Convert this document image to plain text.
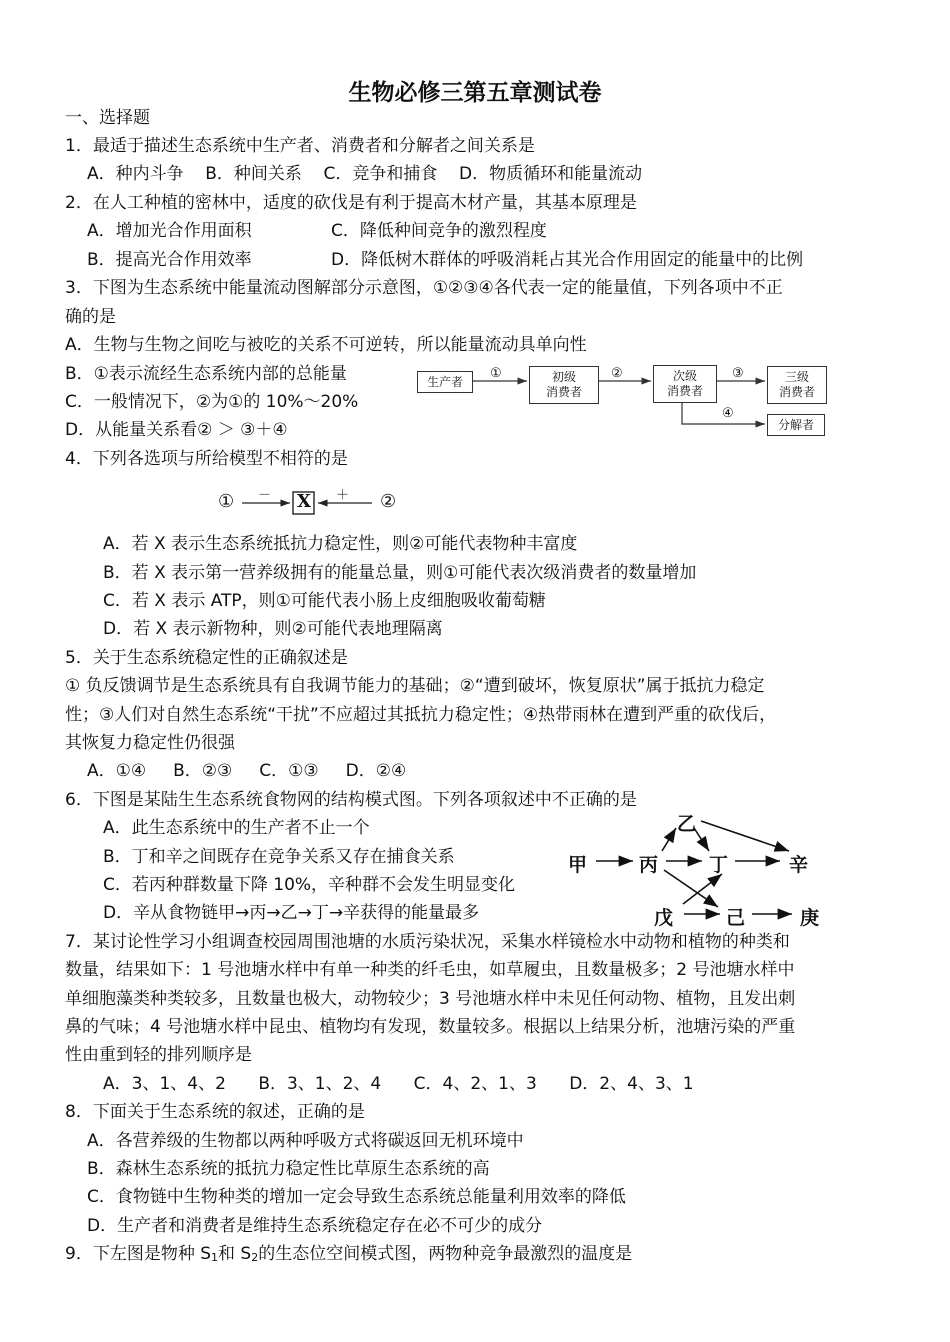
生物必修三第五章测试卷
一、选择题
1．最适于描述生态系统中生产者、消费者和分解者之间关系是
A．种内斗争    B．种间关系    C．竞争和捕食    D．物质循环和能量流动
2．在人工种植的密林中，适度的砍伐是有利于提高木材产量，其基本原理是
A．增加光合作用面积	C．降低种间竞争的激烈程度
B．提高光合作用效率	D．降低树木群体的呼吸消耗占其光合作用固定的能量中的比例
3．下图为生态系统中能量流动图解部分示意图，①②③④各代表一定的能量值，下列各项中不正
确的是
A．生物与生物之间吃与被吃的关系不可逆转，所以能量流动具单向性
B．①表示流经生态系统内部的总能量
C．一般情况下，②为①的 10%～20%
D．从能量关系看② ＞ ③＋④
生产者	初级
消费者
次级
消费者
三级
消费者
分解者
①	②	③
④
4．下列各选项与所给模型不相符的是
① － X ＋ ②
A．若 X 表示生态系统抵抗力稳定性，则②可能代表物种丰富度
B．若 X 表示第一营养级拥有的能量总量，则①可能代表次级消费者的数量增加
C．若 X 表示 ATP，则①可能代表小肠上皮细胞吸收葡萄糖
D．若 X 表示新物种，则②可能代表地理隔离
5．关于生态系统稳定性的正确叙述是
① 负反馈调节是生态系统具有自我调节能力的基础；②“遭到破坏，恢复原状”属于抵抗力稳定
性；③人们对自然生态系统“干扰”不应超过其抵抗力稳定性；④热带雨林在遭到严重的砍伐后，
其恢复力稳定性仍很强
A．①④     B．②③     C．①③     D．②④
6．下图是某陆生生态系统食物网的结构模式图。下列各项叙述中不正确的是
A．此生态系统中的生产者不止一个
B．丁和辛之间既存在竞争关系又存在捕食关系
C．若丙种群数量下降 10%，辛种群不会发生明显变化
D．辛从食物链甲→丙→乙→丁→辛获得的能量最多
甲
乙
丙	丁	辛
戊	己	庚
7．某讨论性学习小组调查校园周围池塘的水质污染状况，采集水样镜检水中动物和植物的种类和
数量，结果如下：1 号池塘水样中有单一种类的纤毛虫，如草履虫，且数量极多；2 号池塘水样中
单细胞藻类种类较多，且数量也极大，动物较少；3 号池塘水样中未见任何动物、植物，且发出刺
鼻的气味；4 号池塘水样中昆虫、植物均有发现，数量较多。根据以上结果分析，池塘污染的严重
性由重到轻的排列顺序是
A．3、1、4、2      B．3、1、2、4      C．4、2、1、3      D．2、4、3、1
8．下面关于生态系统的叙述，正确的是
A．各营养级的生物都以两种呼吸方式将碳返回无机环境中
B．森林生态系统的抵抗力稳定性比草原生态系统的高
C．食物链中生物种类的增加一定会导致生态系统总能量利用效率的降低
D．生产者和消费者是维持生态系统稳定存在必不可少的成分
9．下左图是物种 $S_1$和 $S_2$的生态位空间模式图，两物种竞争最激烈的温度是
